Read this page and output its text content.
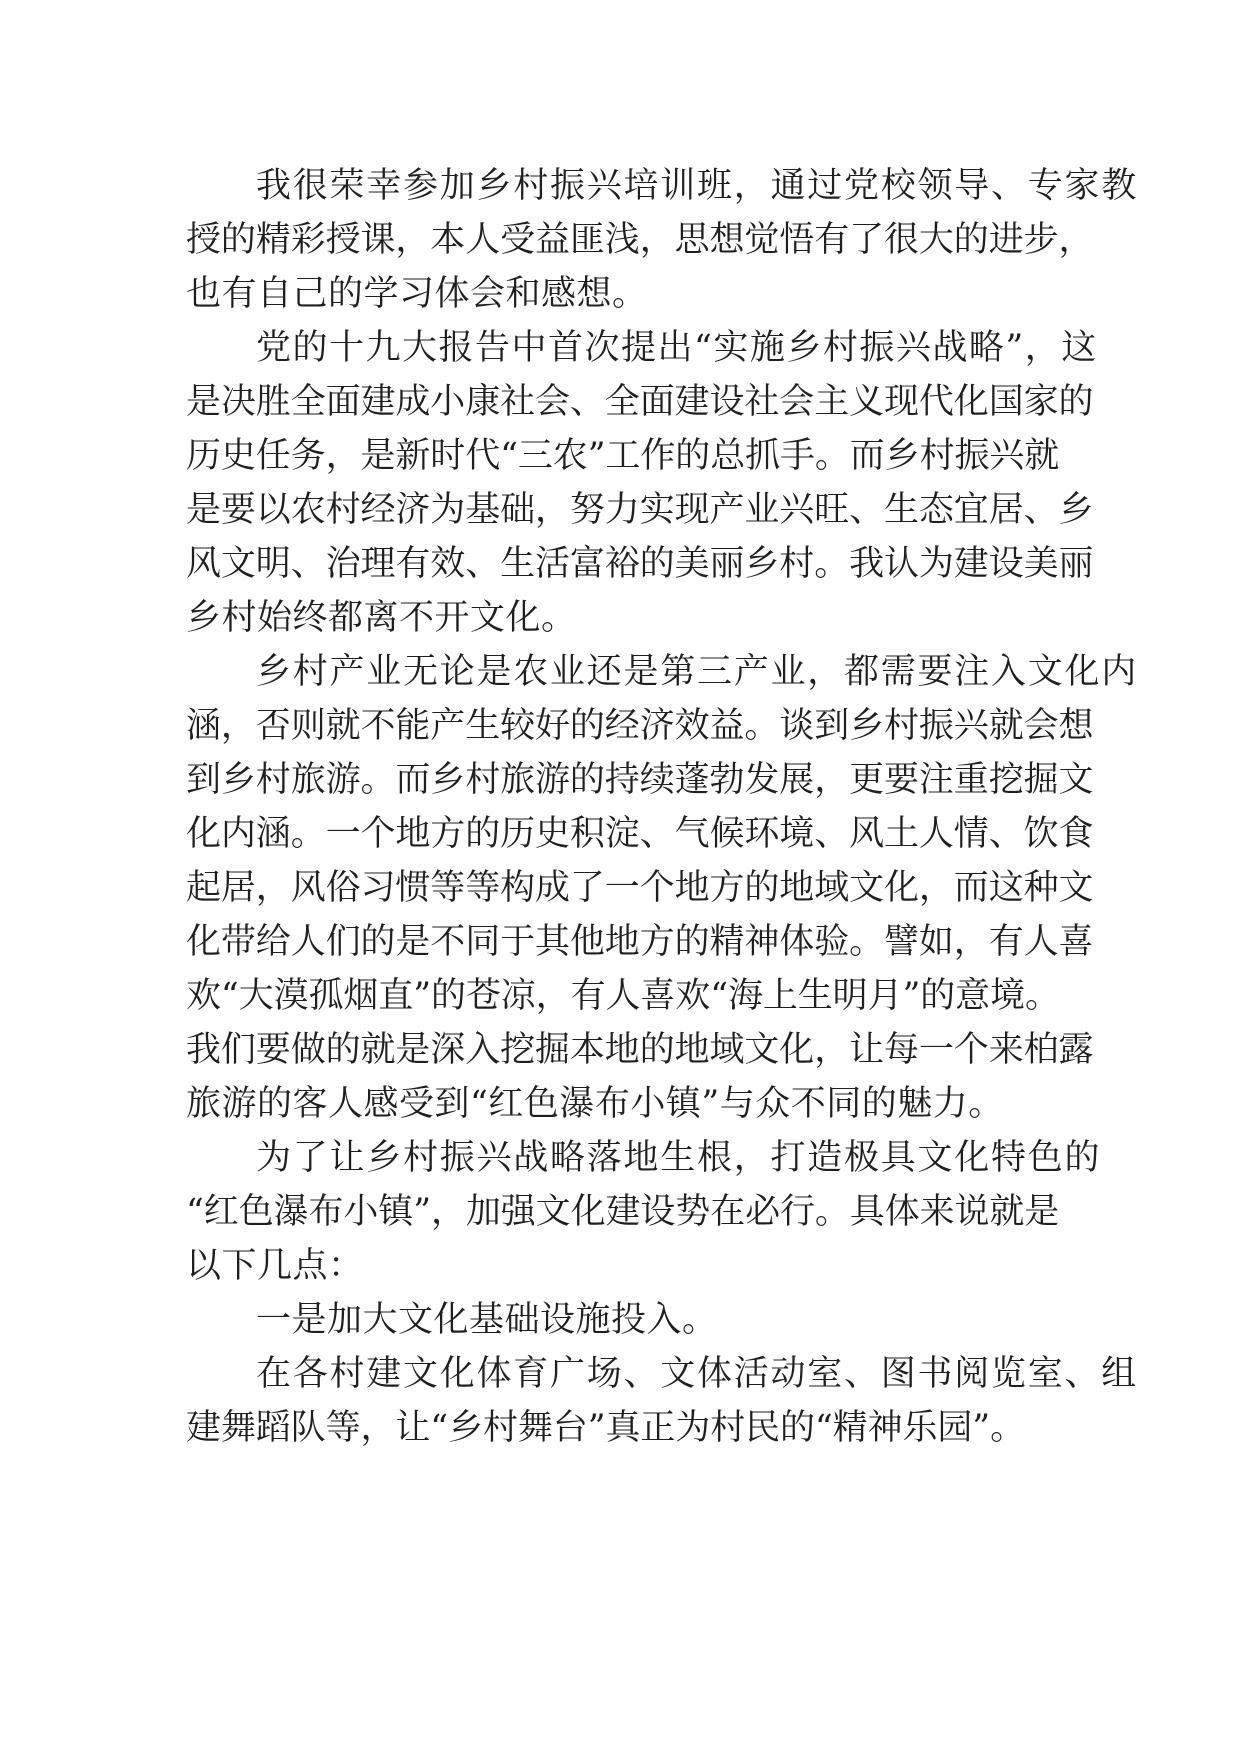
我很荣幸参加乡村振兴培训班，通过党校领导、专家教
授的精彩授课，本人受益匪浅，思想觉悟有了很大的进步，
也有自己的学习体会和感想。
党的十九大报告中首次提出“实施乡村振兴战略”，这
是决胜全面建成小康社会、全面建设社会主义现代化国家的
历史任务，是新时代“三农”工作的总抓手。而乡村振兴就
是要以农村经济为基础，努力实现产业兴旺、生态宜居、乡
风文明、治理有效、生活富裕的美丽乡村。我认为建设美丽
乡村始终都离不开文化。
乡村产业无论是农业还是第三产业，都需要注入文化内
涵，否则就不能产生较好的经济效益。谈到乡村振兴就会想
到乡村旅游。而乡村旅游的持续蓬勃发展，更要注重挖掘文
化内涵。一个地方的历史积淀、气候环境、风土人情、饮食
起居，风俗习惯等等构成了一个地方的地域文化，而这种文
化带给人们的是不同于其他地方的精神体验。譬如，有人喜
欢“大漠孤烟直”的苍凉，有人喜欢“海上生明月”的意境。
我们要做的就是深入挖掘本地的地域文化，让每一个来柏露
旅游的客人感受到“红色瀑布小镇”与众不同的魅力。
为了让乡村振兴战略落地生根，打造极具文化特色的
“红色瀑布小镇”，加强文化建设势在必行。具体来说就是
以下几点：
一是加大文化基础设施投入。
在各村建文化体育广场、文体活动室、图书阅览室、组
建舞蹈队等，让“乡村舞台”真正为村民的“精神乐园”。
